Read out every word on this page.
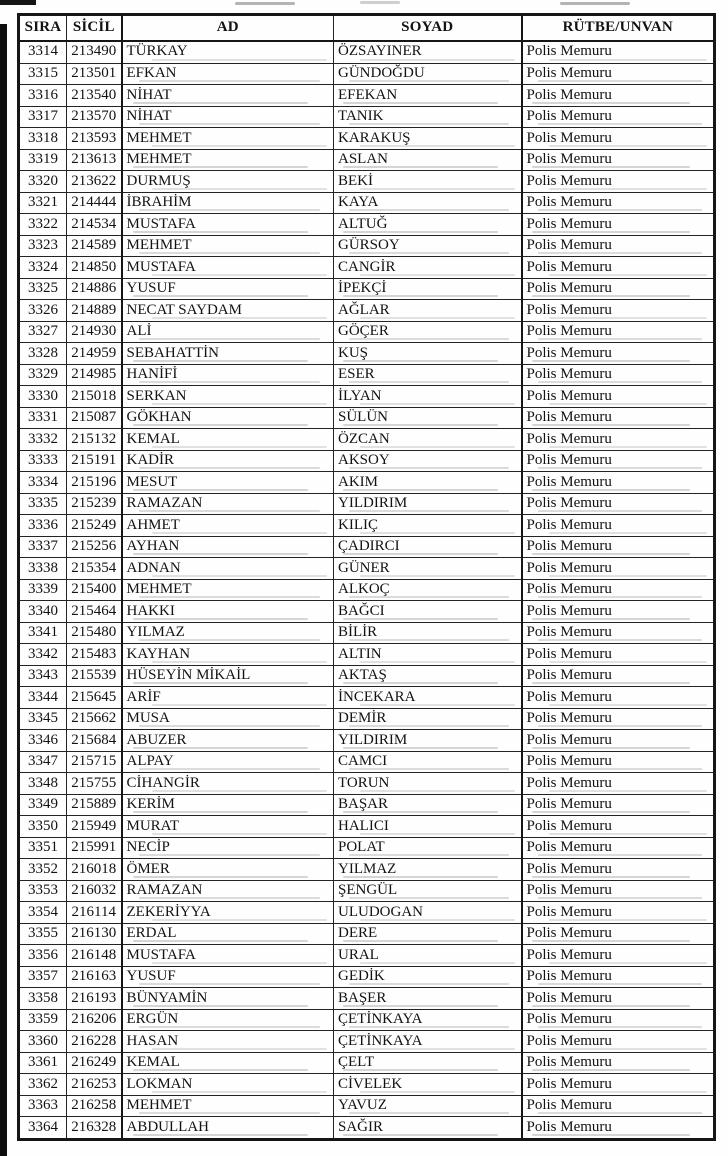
SIRA	SİCİL	AD	SOYAD	RÜTBE/UNVAN
3314	213490	TÜRKAY	ÖZSAYINER	Polis Memuru
3315	213501	EFKAN	GÜNDOĞDU	Polis Memuru
3316	213540	NİHAT	EFEKAN	Polis Memuru
3317	213570	NİHAT	TANIK	Polis Memuru
3318	213593	MEHMET	KARAKUŞ	Polis Memuru
3319	213613	MEHMET	ASLAN	Polis Memuru
3320	213622	DURMUŞ	BEKİ	Polis Memuru
3321	214444	İBRAHİM	KAYA	Polis Memuru
3322	214534	MUSTAFA	ALTUĞ	Polis Memuru
3323	214589	MEHMET	GÜRSOY	Polis Memuru
3324	214850	MUSTAFA	CANGİR	Polis Memuru
3325	214886	YUSUF	İPEKÇİ	Polis Memuru
3326	214889	NECAT SAYDAM	AĞLAR	Polis Memuru
3327	214930	ALİ	GÖÇER	Polis Memuru
3328	214959	SEBAHATTİN	KUŞ	Polis Memuru
3329	214985	HANİFİ	ESER	Polis Memuru
3330	215018	SERKAN	İLYAN	Polis Memuru
3331	215087	GÖKHAN	SÜLÜN	Polis Memuru
3332	215132	KEMAL	ÖZCAN	Polis Memuru
3333	215191	KADİR	AKSOY	Polis Memuru
3334	215196	MESUT	AKIM	Polis Memuru
3335	215239	RAMAZAN	YILDIRIM	Polis Memuru
3336	215249	AHMET	KILIÇ	Polis Memuru
3337	215256	AYHAN	ÇADIRCI	Polis Memuru
3338	215354	ADNAN	GÜNER	Polis Memuru
3339	215400	MEHMET	ALKOÇ	Polis Memuru
3340	215464	HAKKI	BAĞCI	Polis Memuru
3341	215480	YILMAZ	BİLİR	Polis Memuru
3342	215483	KAYHAN	ALTIN	Polis Memuru
3343	215539	HÜSEYİN MİKAİL	AKTAŞ	Polis Memuru
3344	215645	ARİF	İNCEKARA	Polis Memuru
3345	215662	MUSA	DEMİR	Polis Memuru
3346	215684	ABUZER	YILDIRIM	Polis Memuru
3347	215715	ALPAY	CAMCI	Polis Memuru
3348	215755	CİHANGİR	TORUN	Polis Memuru
3349	215889	KERİM	BAŞAR	Polis Memuru
3350	215949	MURAT	HALICI	Polis Memuru
3351	215991	NECİP	POLAT	Polis Memuru
3352	216018	ÖMER	YILMAZ	Polis Memuru
3353	216032	RAMAZAN	ŞENGÜL	Polis Memuru
3354	216114	ZEKERİYYA	ULUDOGAN	Polis Memuru
3355	216130	ERDAL	DERE	Polis Memuru
3356	216148	MUSTAFA	URAL	Polis Memuru
3357	216163	YUSUF	GEDİK	Polis Memuru
3358	216193	BÜNYAMİN	BAŞER	Polis Memuru
3359	216206	ERGÜN	ÇETİNKAYA	Polis Memuru
3360	216228	HASAN	ÇETİNKAYA	Polis Memuru
3361	216249	KEMAL	ÇELT	Polis Memuru
3362	216253	LOKMAN	CİVELEK	Polis Memuru
3363	216258	MEHMET	YAVUZ	Polis Memuru
3364	216328	ABDULLAH	SAĞIR	Polis Memuru
